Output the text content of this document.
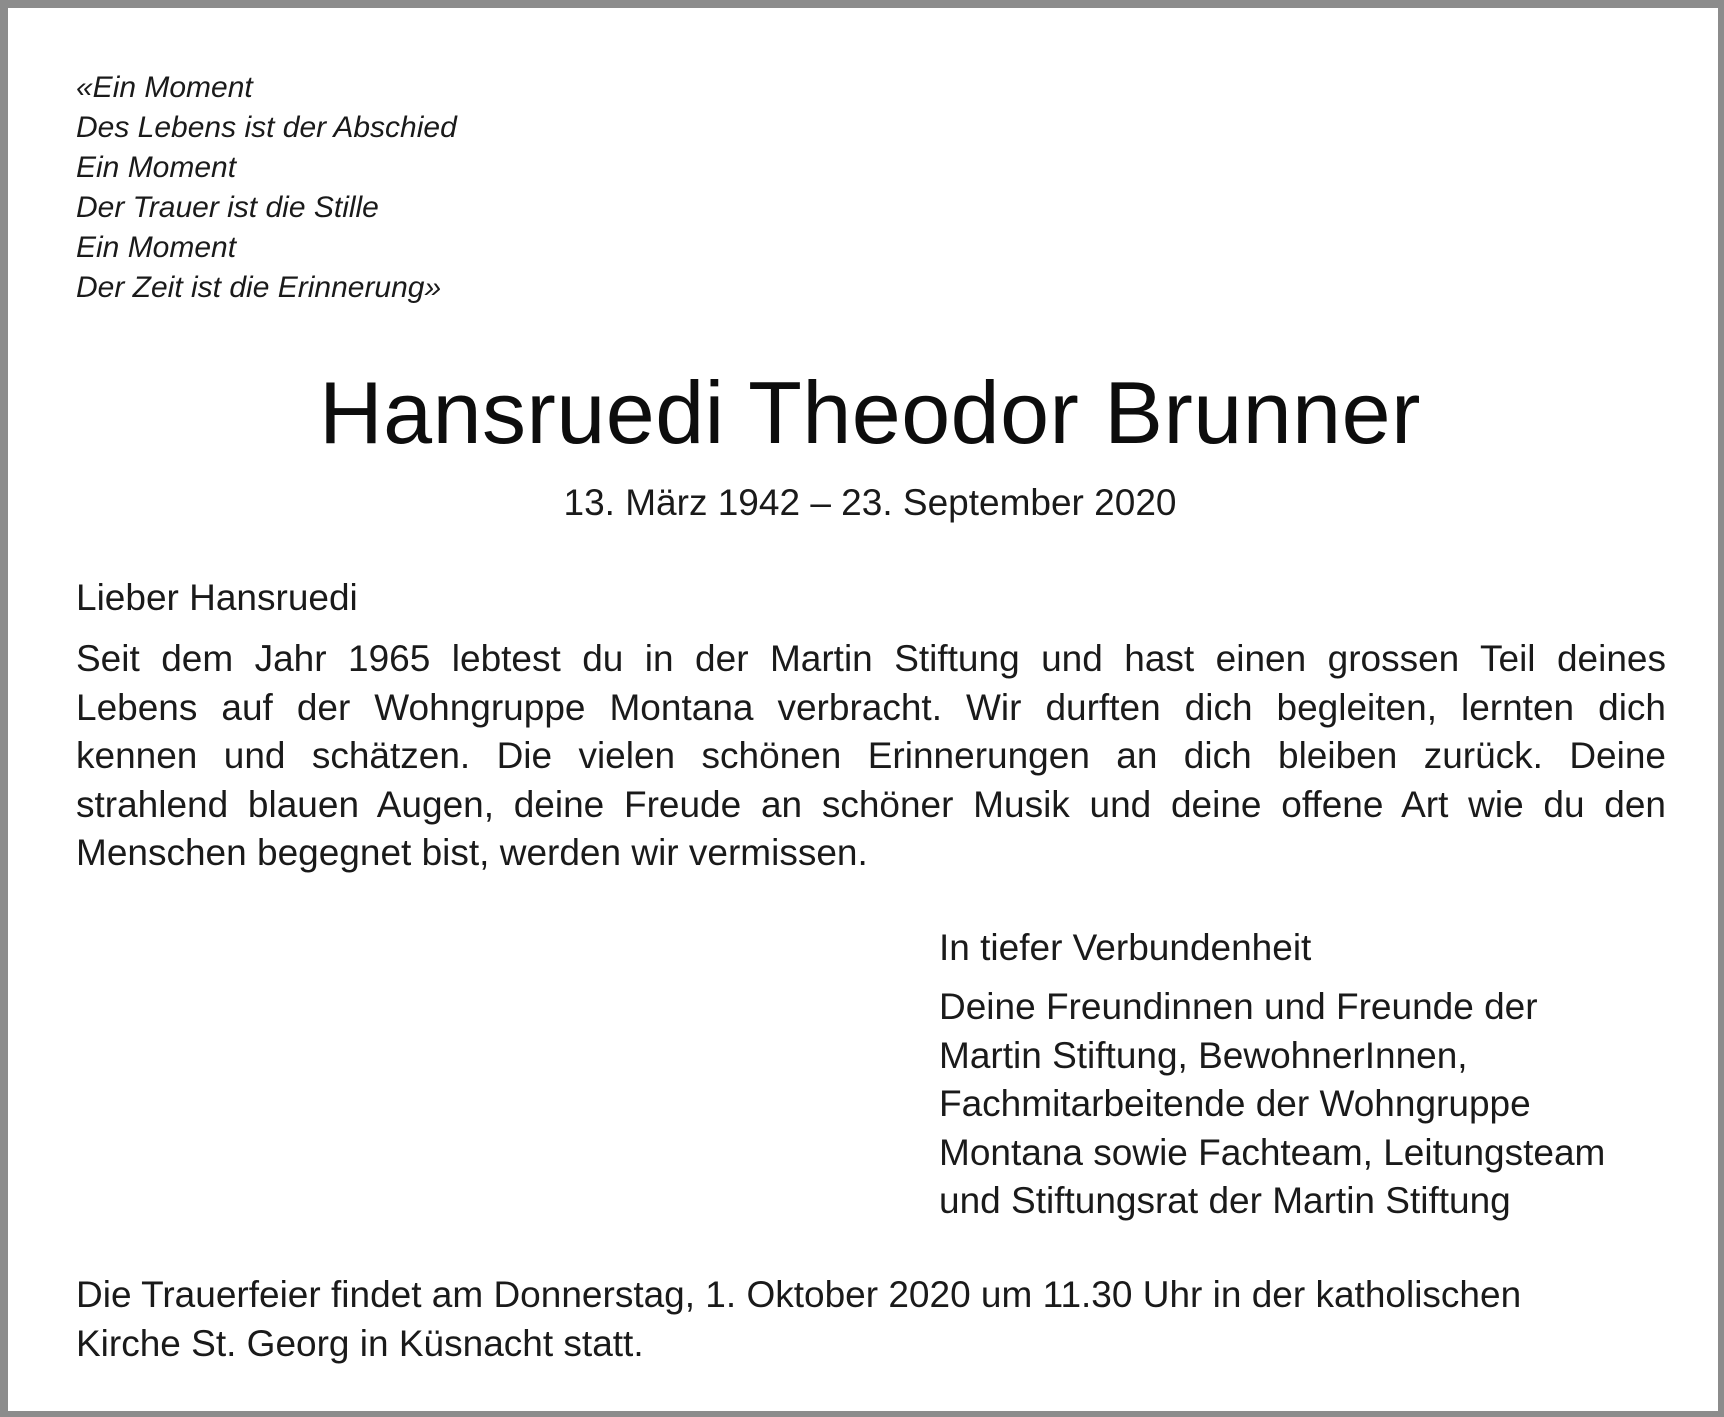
«Ein Moment
Des Lebens ist der Abschied
Ein Moment
Der Trauer ist die Stille
Ein Moment
Der Zeit ist die Erinnerung»
Hansruedi Theodor Brunner
13. März 1942 – 23. September 2020
Lieber Hansruedi
Seit dem Jahr 1965 lebtest du in der Martin Stiftung und hast einen grossen Teil deines
Lebens auf der Wohngruppe Montana verbracht. Wir durften dich begleiten, lernten dich
kennen und schätzen. Die vielen schönen Erinnerungen an dich bleiben zurück. Deine
strahlend blauen Augen, deine Freude an schöner Musik und deine offene Art wie du den
Menschen begegnet bist, werden wir vermissen.
In tiefer Verbundenheit
Deine Freundinnen und Freunde der
Martin Stiftung, BewohnerInnen,
Fachmitarbeitende der Wohngruppe
Montana sowie Fachteam, Leitungsteam
und Stiftungsrat der Martin Stiftung
Die Trauerfeier findet am Donnerstag, 1. Oktober 2020 um 11.30 Uhr in der katholischen
Kirche St. Georg in Küsnacht statt.
